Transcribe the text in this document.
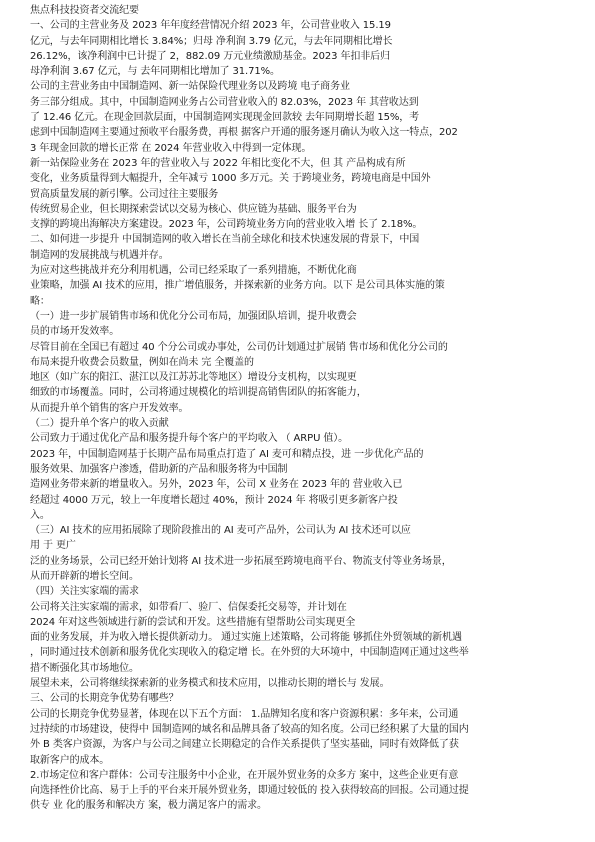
焦点科技投资者交流纪要
一、公司的主营业务及 2023 年年度经营情况介绍 2023 年，公司营业收入 15.19
亿元，与去年同期相比增长 3.84%；归母 净利润 3.79 亿元，与去年同期相比增长
26.12%，该净利润中已计提了 2，882.09 万元业绩激励基金。2023 年扣非后归
母净利润 3.67 亿元，与 去年同期相比增加了 31.71%。
公司的主营业务由中国制造网、新一站保险代理业务以及跨境 电子商务业
务三部分组成。其中，中国制造网业务占公司营业收入的 82.03%，2023 年 其营收达到
了 12.46 亿元。在现金回款层面，中国制造网实现现金回款较 去年同期增长超 15%，考
虑到中国制造网主要通过预收平台服务费，再根 据客户开通的服务逐月确认为收入这一特点，202
3 年现金回款的增长正常 在 2024 年营业收入中得到一定体现。
新一站保险业务在 2023 年的营业收入与 2022 年相比变化不大，但 其 产品构成有所
变化，业务质量得到大幅提升，全年减亏 1000 多万元。关 于跨境业务，跨境电商是中国外
贸高质量发展的新引擎。公司过往主要服务
传统贸易企业，但长期探索尝试以交易为核心、供应链为基础、服务平台为
支撑的跨境出海解决方案建设。2023 年，公司跨境业务方向的营业收入增 长了 2.18%。
二、如何进一步提升 中国制造网的收入增长在当前全球化和技术快速发展的背景下，中国
制造网的发展挑战与机遇并存。
为应对这些挑战并充分利用机遇，公司已经采取了一系列措施，不断优化商
业策略，加强 AI 技术的应用，推广增值服务，并探索新的业务方向。以下 是公司具体实施的策
略：
（一）进一步扩展销售市场和优化分公司布局，加强团队培训，提升收费会
员的市场开发效率。
尽管目前在全国已有超过 40 个分公司或办事处，公司仍计划通过扩展销 售市场和优化分公司的
布局来提升收费会员数量，例如在尚未 完 全覆盖的
地区（如广东的阳江、湛江以及江苏苏北等地区）增设分支机构，以实现更
细致的市场覆盖。同时，公司将通过规模化的培训提高销售团队的拓客能力，
从而提升单个销售的客户开发效率。
（二）提升单个客户的收入贡献
公司致力于通过优化产品和服务提升每个客户的平均收入 （ ARPU 值）。
2023 年，中国制造网基于长期产品布局重点打造了 AI 麦可和精点投，进 一步优化产品的
服务效果、加强客户渗透，借助新的产品和服务将为中国制
造网业务带来新的增量收入。另外，2023 年，公司 X 业务在 2023 年的 营业收入已
经超过 4000 万元，较上一年度增长超过 40%，预计 2024 年 将吸引更多新客户投
入。
（三）AI 技术的应用拓展除了现阶段推出的 AI 麦可产品外，公司认为 AI 技术还可以应
用 于 更广
泛的业务场景，公司已经开始计划将 AI 技术进一步拓展至跨境电商平台、物流支付等业务场景，
从而开辟新的增长空间。
（四）关注实家端的需求
公司将关注实家端的需求，如带看厂、验厂、信保委托交易等，并计划在
2024 年对这些领域进行新的尝试和开发。这些措施有望帮助公司实现更全
面的业务发展，并为收入增长提供新动力。 通过实施上述策略，公司将能 够抓住外贸领域的新机遇
，同时通过技术创新和服务优化实现收入的稳定增 长。在外贸的大环境中，中国制造网正通过这些举
措不断强化其市场地位。
展望未来，公司将继续探索新的业务模式和技术应用，以推动长期的增长与 发展。
三、公司的长期竞争优势有哪些？
公司的长期竞争优势显著，体现在以下五个方面： 1.品牌知名度和客户资源积累：多年来，公司通
过持续的市场建设，使得中 国制造网的域名和品牌具备了较高的知名度。公司已经积累了大量的国内
外 B 类客户资源，为客户与公司之间建立长期稳定的合作关系提供了坚实基础，同时有效降低了获
取新客户的成本。
2.市场定位和客户群体：公司专注服务中小企业，在开展外贸业务的众多方 案中，这些企业更有意
向选择性价比高、易于上手的平台来开展外贸业务，即通过较低的 投入获得较高的回报。公司通过提
供专 业 化的服务和解决方 案，极力满足客户的需求。
